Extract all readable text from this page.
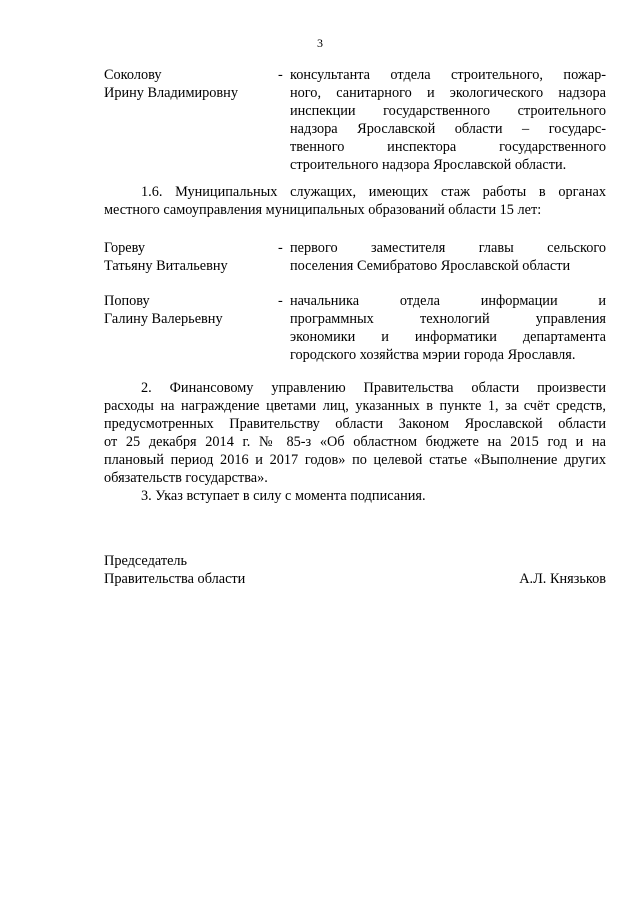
3
Соколову
Ирину Владимировну
- консультанта отдела строительного, пожар-
ного, санитарного и экологического надзора
инспекции государственного строительного
надзора Ярославской области – государс-
твенного инспектора государственного
строительного надзора Ярославской области.
1.6. Муниципальных служащих, имеющих стаж работы в органах
местного самоуправления муниципальных образований области 15 лет:
Гореву
Татьяну Витальевну
- первого заместителя главы сельского
поселения Семибратово Ярославской области
Попову
Галину Валерьевну
- начальника отдела информации и
программных технологий управления
экономики и информатики департамента
городского хозяйства мэрии города Ярославля.
2. Финансовому управлению Правительства области произвести
расходы на награждение цветами лиц, указанных в пункте 1, за счёт средств,
предусмотренных Правительству области Законом Ярославской области
от 25 декабря 2014 г. № 85-з «Об областном бюджете на 2015 год и на
плановый период 2016 и 2017 годов» по целевой статье «Выполнение других
обязательств государства».
3. Указ вступает в силу с момента подписания.
Председатель
Правительства области	А.Л. Князьков
